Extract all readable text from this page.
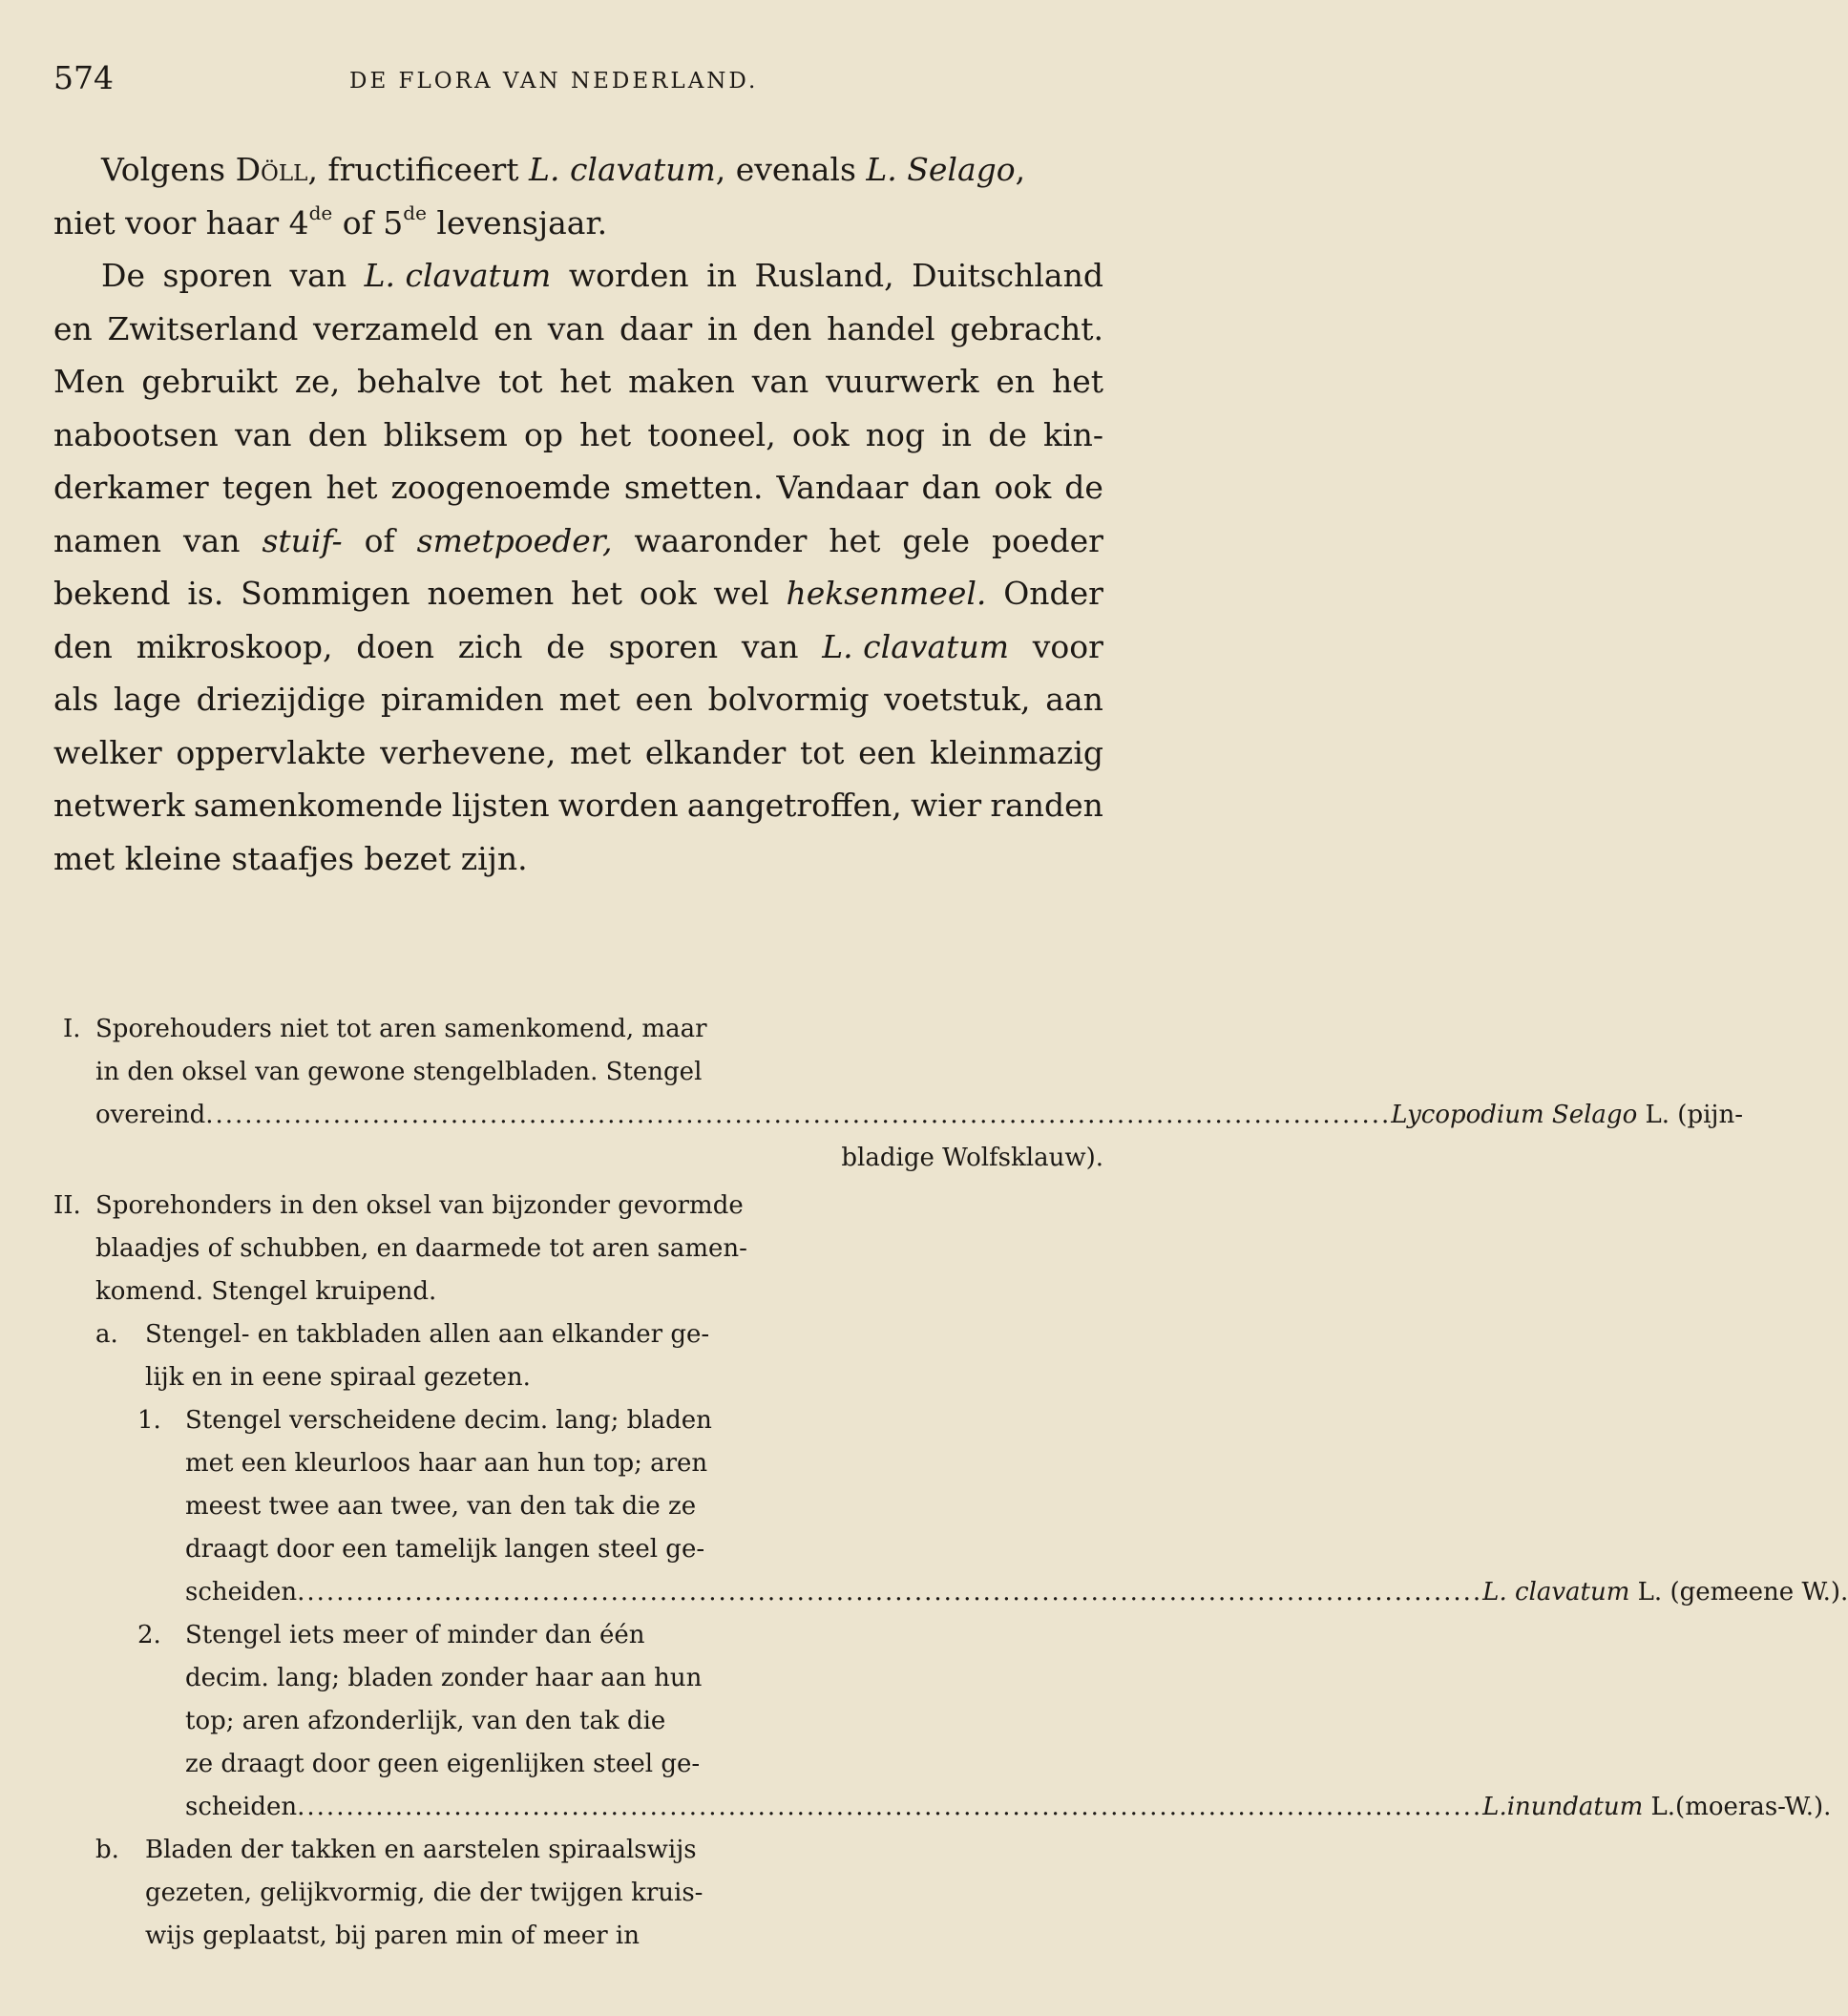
574	DE FLORA VAN NEDERLAND.
Volgens Döll, fructificeert L. clavatum, evenals L. Selago,
niet voor haar 4de of 5de levensjaar.
De sporen van L. clavatum worden in Rusland, Duitschland
en Zwitserland verzameld en van daar in den handel gebracht.
Men gebruikt ze, behalve tot het maken van vuurwerk en het
nabootsen van den bliksem op het tooneel, ook nog in de kin-
derkamer tegen het zoogenoemde smetten. Vandaar dan ook de
namen van stuif- of smetpoeder, waaronder het gele poeder
bekend is. Sommigen noemen het ook wel heksenmeel. Onder
den mikroskoop, doen zich de sporen van L. clavatum voor
als lage driezijdige piramiden met een bolvormig voetstuk, aan
welker oppervlakte verhevene, met elkander tot een kleinmazig
netwerk samenkomende lijsten worden aangetroffen, wier randen
met kleine staafjes bezet zijn.
I. Sporehouders niet tot aren samenkomend, maar
in den oksel van gewone stengelbladen. Stengel
overeind ......................................................................................................................... Lycopodium Selago L. (pijn-
bladige Wolfsklauw).
II. Sporehonders in den oksel van bijzonder gevormde
blaadjes of schubben, en daarmede tot aren samen-
komend. Stengel kruipend.
a. Stengel- en takbladen allen aan elkander ge-
lijk en in eene spiraal gezeten.
1. Stengel verscheidene decim. lang; bladen
met een kleurloos haar aan hun top; aren
meest twee aan twee, van den tak die ze
draagt door een tamelijk langen steel ge-
scheiden ......................................................................................................................... L. clavatum L. (gemeene W.).
2. Stengel iets meer of minder dan één
decim. lang; bladen zonder haar aan hun
top; aren afzonderlijk, van den tak die
ze draagt door geen eigenlijken steel ge-
scheiden ......................................................................................................................... L.inundatum L.(moeras-W.).
b. Bladen der takken en aarstelen spiraalswijs
gezeten, gelijkvormig, die der twijgen kruis-
wijs geplaatst, bij paren min of meer in
